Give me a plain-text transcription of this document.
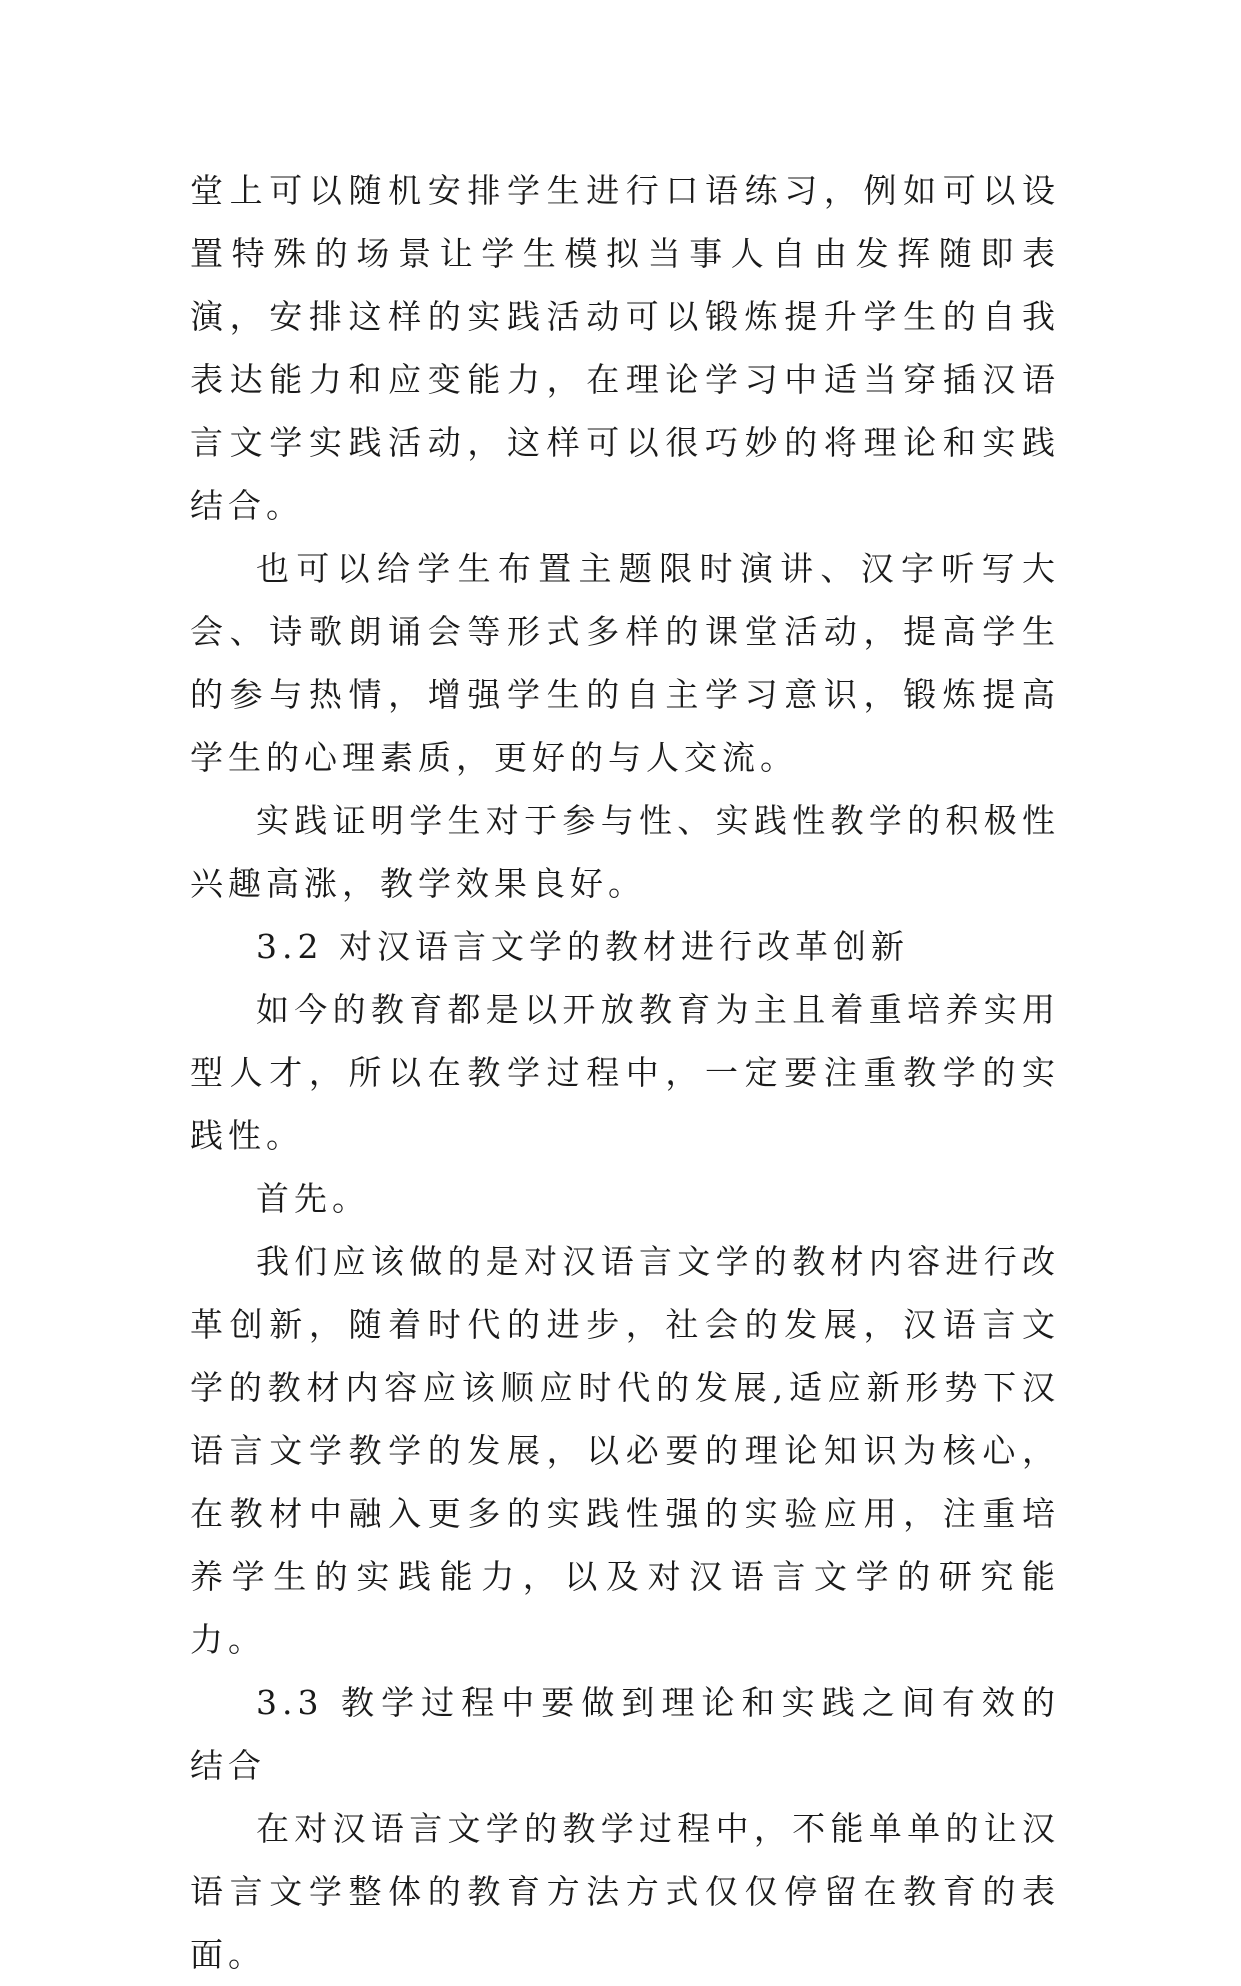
堂上可以随机安排学生进行口语练习，例如可以设置特殊的场景让学生模拟当事人自由发挥随即表演，安排这样的实践活动可以锻炼提升学生的自我表达能力和应变能力，在理论学习中适当穿插汉语言文学实践活动，这样可以很巧妙的将理论和实践结合。

也可以给学生布置主题限时演讲、汉字听写大会、诗歌朗诵会等形式多样的课堂活动，提高学生的参与热情，增强学生的自主学习意识，锻炼提高学生的心理素质，更好的与人交流。

实践证明学生对于参与性、实践性教学的积极性兴趣高涨，教学效果良好。

3.2 对汉语言文学的教材进行改革创新

如今的教育都是以开放教育为主且着重培养实用型人才，所以在教学过程中，一定要注重教学的实践性。

首先。

我们应该做的是对汉语言文学的教材内容进行改革创新，随着时代的进步，社会的发展，汉语言文学的教材内容应该顺应时代的发展,适应新形势下汉语言文学教学的发展，以必要的理论知识为核心，在教材中融入更多的实践性强的实验应用，注重培养学生的实践能力，以及对汉语言文学的研究能力。

3.3 教学过程中要做到理论和实践之间有效的结合

在对汉语言文学的教学过程中，不能单单的让汉语言文学整体的教育方法方式仅仅停留在教育的表面。
